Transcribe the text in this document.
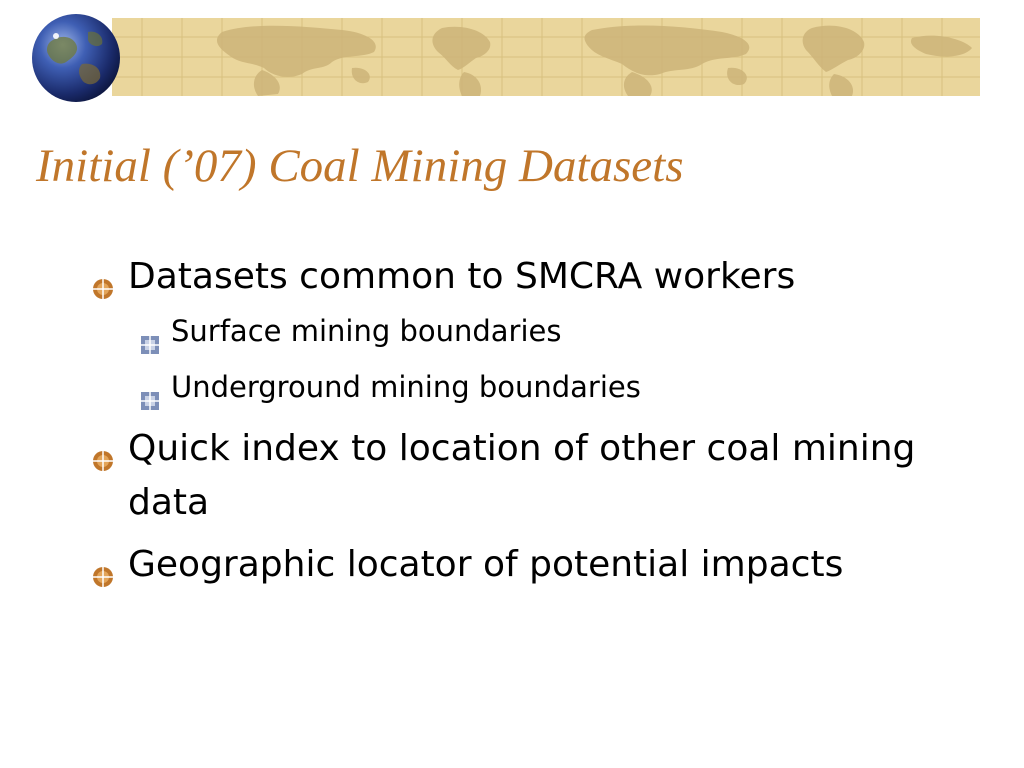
Initial (’07) Coal Mining Datasets
Datasets common to SMCRA workers
Surface mining boundaries
Underground mining boundaries
Quick index to location of other coal mining data
Geographic locator of potential impacts
